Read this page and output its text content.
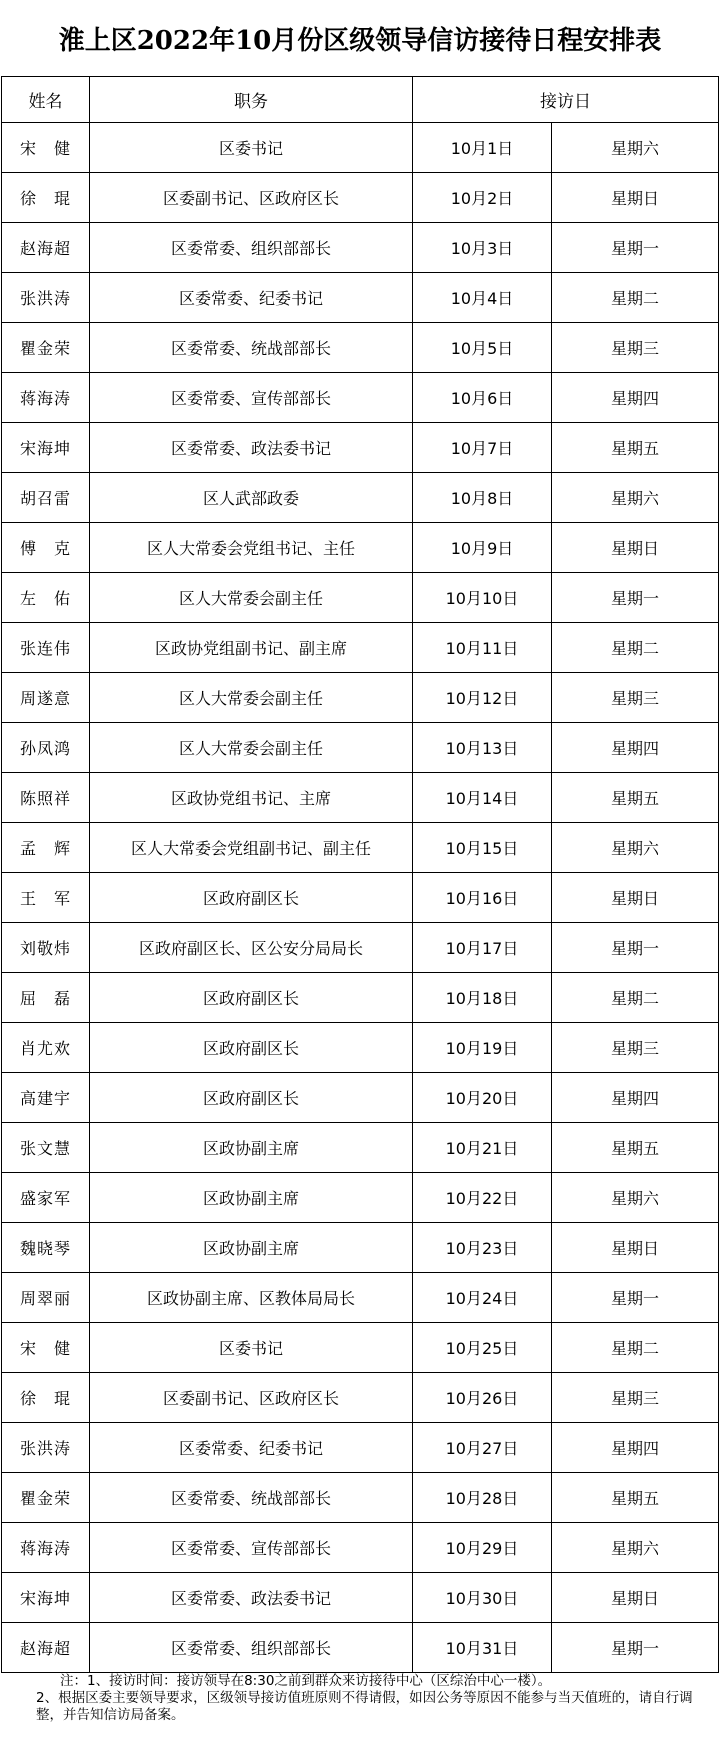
淮上区2022年10月份区级领导信访接待日程安排表
姓名	职务	接访日	
宋　健	区委书记	10月1日	星期六
徐　琨	区委副书记、区政府区长	10月2日	星期日
赵海超	区委常委、组织部部长	10月3日	星期一
张洪涛	区委常委、纪委书记	10月4日	星期二
瞿金荣	区委常委、统战部部长	10月5日	星期三
蒋海涛	区委常委、宣传部部长	10月6日	星期四
宋海坤	区委常委、政法委书记	10月7日	星期五
胡召雷	区人武部政委	10月8日	星期六
傅　克	区人大常委会党组书记、主任	10月9日	星期日
左　佑	区人大常委会副主任	10月10日	星期一
张连伟	区政协党组副书记、副主席	10月11日	星期二
周遂意	区人大常委会副主任	10月12日	星期三
孙凤鸿	区人大常委会副主任	10月13日	星期四
陈照祥	区政协党组书记、主席	10月14日	星期五
孟　辉	区人大常委会党组副书记、副主任	10月15日	星期六
王　军	区政府副区长	10月16日	星期日
刘敬炜	区政府副区长、区公安分局局长	10月17日	星期一
屈　磊	区政府副区长	10月18日	星期二
肖尤欢	区政府副区长	10月19日	星期三
高建宇	区政府副区长	10月20日	星期四
张文慧	区政协副主席	10月21日	星期五
盛家军	区政协副主席	10月22日	星期六
魏晓琴	区政协副主席	10月23日	星期日
周翠丽	区政协副主席、区教体局局长	10月24日	星期一
宋　健	区委书记	10月25日	星期二
徐　琨	区委副书记、区政府区长	10月26日	星期三
张洪涛	区委常委、纪委书记	10月27日	星期四
瞿金荣	区委常委、统战部部长	10月28日	星期五
蒋海涛	区委常委、宣传部部长	10月29日	星期六
宋海坤	区委常委、政法委书记	10月30日	星期日
赵海超	区委常委、组织部部长	10月31日	星期一
注：1、接访时间：接访领导在8:30之前到群众来访接待中心（区综治中心一楼）。
2、根据区委主要领导要求，区级领导接访值班原则不得请假，如因公务等原因不能参与当天值班的，请自行调整，并告知信访局备案。
